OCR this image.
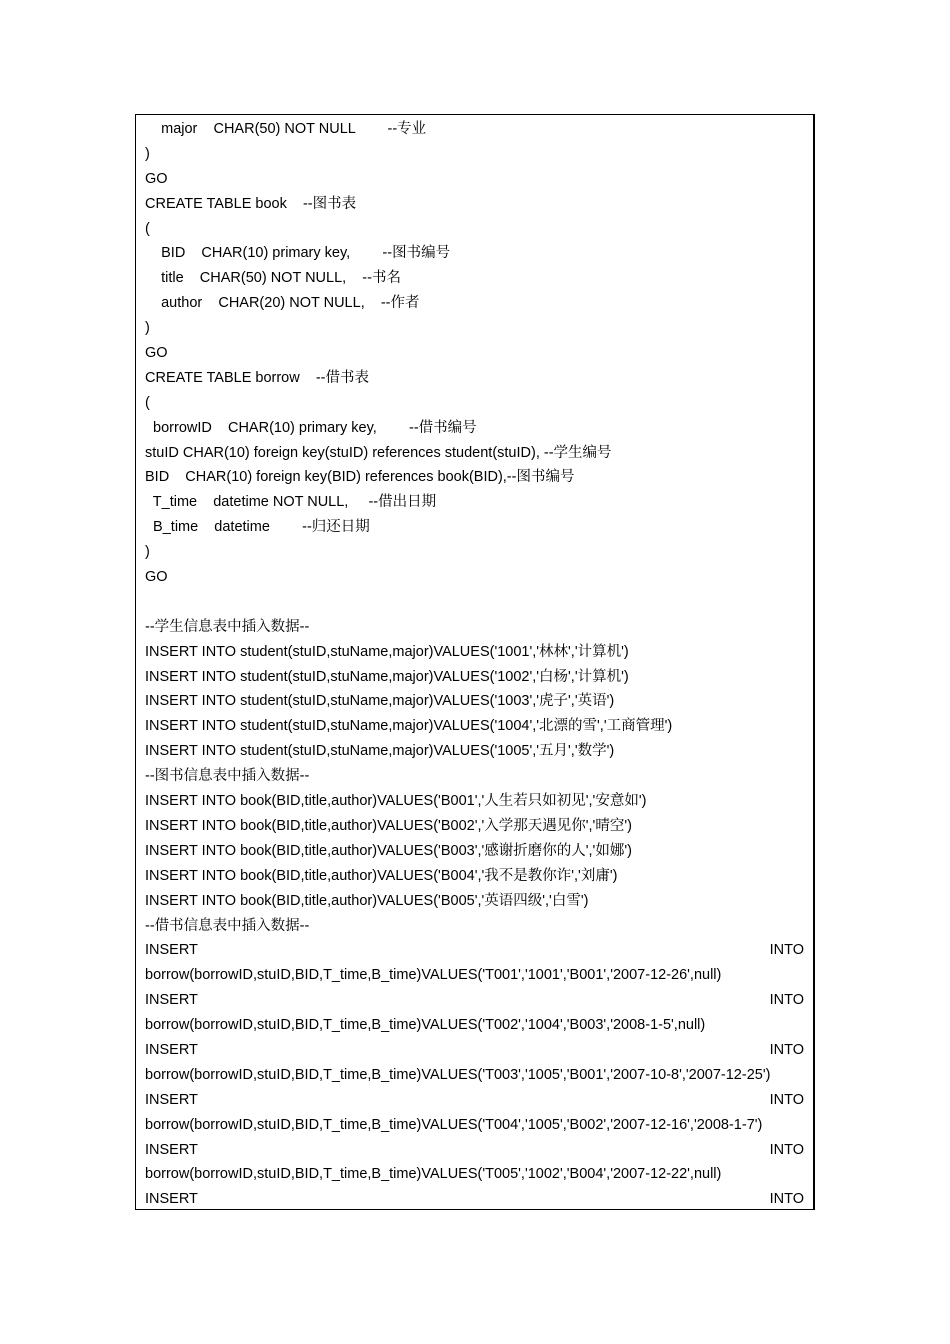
major    CHAR(50) NOT NULL        --专业
)
GO
CREATE TABLE book    --图书表
(
BID    CHAR(10) primary key,        --图书编号
title    CHAR(50) NOT NULL,    --书名
author    CHAR(20) NOT NULL,    --作者
)
GO
CREATE TABLE borrow    --借书表
(
borrowID    CHAR(10) primary key,        --借书编号
stuID CHAR(10) foreign key(stuID) references student(stuID), --学生编号
BID    CHAR(10) foreign key(BID) references book(BID),--图书编号
T_time    datetime NOT NULL,     --借出日期
B_time    datetime        --归还日期
)
GO
--学生信息表中插入数据--
INSERT INTO student(stuID,stuName,major)VALUES('1001','林林','计算机')
INSERT INTO student(stuID,stuName,major)VALUES('1002','白杨','计算机')
INSERT INTO student(stuID,stuName,major)VALUES('1003','虎子','英语')
INSERT INTO student(stuID,stuName,major)VALUES('1004','北漂的雪','工商管理')
INSERT INTO student(stuID,stuName,major)VALUES('1005','五月','数学')
--图书信息表中插入数据--
INSERT INTO book(BID,title,author)VALUES('B001','人生若只如初见','安意如')
INSERT INTO book(BID,title,author)VALUES('B002','入学那天遇见你','晴空')
INSERT INTO book(BID,title,author)VALUES('B003','感谢折磨你的人','如娜')
INSERT INTO book(BID,title,author)VALUES('B004','我不是教你诈','刘庸')
INSERT INTO book(BID,title,author)VALUES('B005','英语四级','白雪')
--借书信息表中插入数据--
INSERT	INTO
borrow(borrowID,stuID,BID,T_time,B_time)VALUES('T001','1001','B001','2007-12-26',null)
INSERT	INTO
borrow(borrowID,stuID,BID,T_time,B_time)VALUES('T002','1004','B003','2008-1-5',null)
INSERT	INTO
borrow(borrowID,stuID,BID,T_time,B_time)VALUES('T003','1005','B001','2007-10-8','2007-12-25')
INSERT	INTO
borrow(borrowID,stuID,BID,T_time,B_time)VALUES('T004','1005','B002','2007-12-16','2008-1-7')
INSERT	INTO
borrow(borrowID,stuID,BID,T_time,B_time)VALUES('T005','1002','B004','2007-12-22',null)
INSERT	INTO
